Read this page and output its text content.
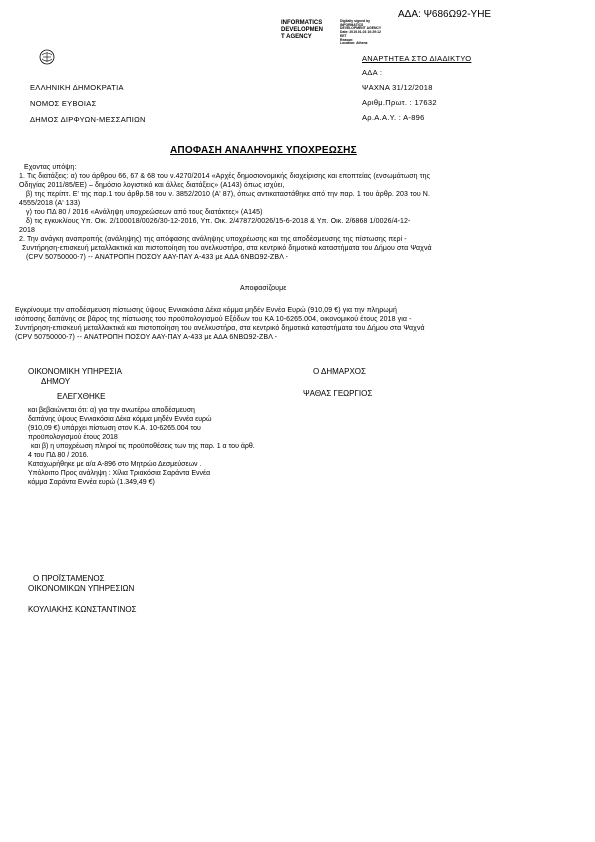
ΑΔΑ: Ψ686Ω92-ΥΗΕ
INFORMATICS
DEVELOPMEN
T AGENCY
Digitally signed by
INFORMATICS
DEVELOPMENT AGENCY
Date: 2019.01.03 10:29:12
EET
Reason:
Location: Athens
ΑΝΑΡΤΗΤΕΑ ΣΤΟ ΔΙΑΔΙΚΤΥΟ
ΕΛΛΗΝΙΚΗ ΔΗΜΟΚΡΑΤΙΑ
ΝΟΜΟΣ ΕΥΒΟΙΑΣ
ΔΗΜΟΣ ΔΙΡΦΥΩΝ-ΜΕΣΣΑΠΙΩΝ
ΑΔΑ :
ΨΑΧΝΑ 31/12/2018
Αριθμ.Πρωτ. : 17632
Αρ.Α.Α.Υ. : Α-896
ΑΠΟΦΑΣΗ ΑΝΑΛΗΨΗΣ ΥΠΟΧΡΕΩΣΗΣ
Εχοντας υπόψη:
1. Τις διατάξεις: α) του άρθρου 66, 67 & 68 του ν.4270/2014 «Αρχές δημοσιονομικής διαχείρισης και εποπτείας (ενσωμάτωση της
Οδηγίας 2011/85/ΕΕ) – δημόσιο λογιστικό και άλλες διατάξεις» (Α143) όπως ισχύει,
β) της περίπτ. Ε' της παρ.1 του άρθρ.58 του ν. 3852/2010 (Α' 87), όπως αντικαταστάθηκε από την παρ. 1 του άρθρ. 203 του Ν.
4555/2018 (Α' 133)
γ) του ΠΔ 80 / 2016 «Ανάληψη υποχρεώσεων από τους διατάκτες» (Α145)
δ) τις εγκυκλίους Υπ. Οικ. 2/100018/0026/30-12-2016, Υπ. Οικ. 2/47872/0026/15-6-2018 & Υπ. Οικ. 2/6868 1/0026/4-12-
2018
2. Την ανάγκη αναπροπής (ανάληψης) της απόφασης ανάληψης υποχρέωσης και της αποδέσμευσης της πίστωσης περί -
Συντήρηση-επισκευή μεταλλακτικά και πιστοποίηση του ανελκυστήρα, στα κεντρικό δημοτικά καταστήματα του Δήμου στα Ψαχνά
(CPV 50750000-7) -- ΑΝΑΤΡΟΠΗ ΠΟΣΟΥ ΑΑΥ-ΠΑΥ Α-433 με ΑΔΑ 6ΝΒΩ92-ΖΒΛ -
Αποφασίζουμε
Εγκρίνουμε την αποδέσμευση πίστωσης ύψους Εννιακόσια Δέκα κόμμα μηδέν Εννέα Ευρώ (910,09 €) για την πληρωμή
ισόποσης δαπάνης σε βάρος της πίστωσης του προϋπολογισμού Εξόδων του ΚΑ 10-6265.004, οικονομικού έτους 2018 για -
Συντήρηση-επισκευή μεταλλακτικά και πιστοποίηση του ανελκυστήρα, στα κεντρικό δημοτικά καταστήματα του Δήμου στα Ψαχνά
(CPV 50750000-7) -- ΑΝΑΤΡΟΠΗ ΠΟΣΟΥ ΑΑΥ-ΠΑΥ Α-433 με ΑΔΑ 6ΝΒΩ92-ΖΒΛ -
ΟΙΚΟΝΟΜΙΚΗ ΥΠΗΡΕΣΙΑ
ΔΗΜΟΥ
Ο ΔΗΜΑΡΧΟΣ
ΨΑΘΑΣ ΓΕΩΡΓΙΟΣ
ΕΛΕΓΧΘΗΚΕ
και βεβαιώνεται ότι: α) για την ανωτέρω αποδέσμευση
δαπάνης ύψους Εννιακόσια Δέκα κόμμα μηδέν Εννέα ευρώ
(910,09 €) υπάρχει πίστωση στον Κ.Α. 10-6265.004 του
προϋπολογισμού έτους 2018
και β) η υποχρέωση πληροί τις προϋποθέσεις των της παρ. 1 α του άρθ.
4 του ΠΔ 80 / 2016.
Καταχωρήθηκε με α/α Α-896 στο Μητρώο Δεσμεύσεων .
Υπόλοιπο Προς ανάληψη : Χίλια Τριακόσια Σαράντα Εννέα
κόμμα Σαράντα Εννέα ευρώ (1.349,49 €)
Ο ΠΡΟΪΣΤΑΜΕΝΟΣ
ΟΙΚΟΝΟΜΙΚΩΝ ΥΠΗΡΕΣΙΩΝ
ΚΟΥΛΙΑΚΗΣ ΚΩΝΣΤΑΝΤΙΝΟΣ
